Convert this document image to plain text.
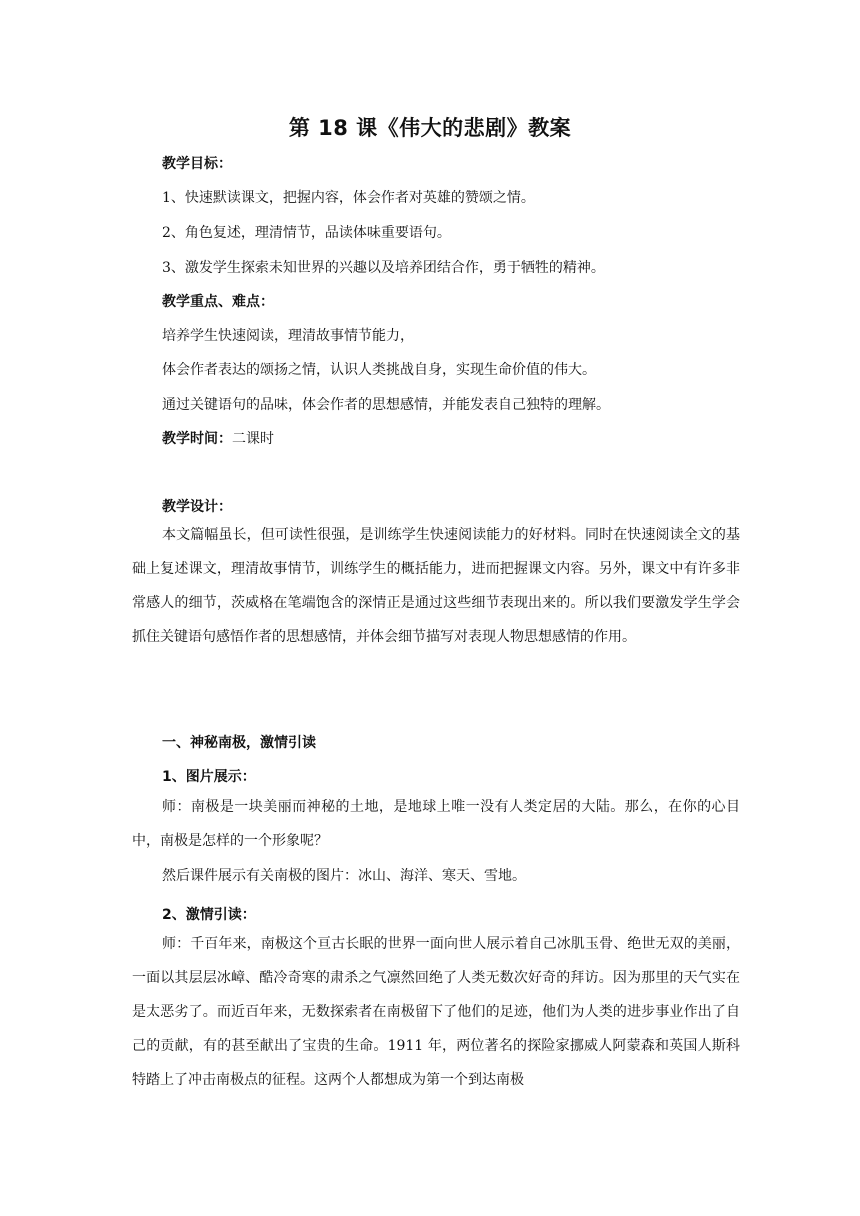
第 18 课《伟大的悲剧》教案
教学目标：
1、快速默读课文，把握内容，体会作者对英雄的赞颂之情。
2、角色复述，理清情节，品读体味重要语句。
3、激发学生探索未知世界的兴趣以及培养团结合作，勇于牺牲的精神。
教学重点、难点：
培养学生快速阅读，理清故事情节能力，
体会作者表达的颂扬之情，认识人类挑战自身，实现生命价值的伟大。
通过关键语句的品味，体会作者的思想感情，并能发表自己独特的理解。
教学时间：二课时
教学设计：

本文篇幅虽长，但可读性很强，是训练学生快速阅读能力的好材料。同时在快速阅读全文的基础上复述课文，理清故事情节，训练学生的概括能力，进而把握课文内容。另外，课文中有许多非常感人的细节，茨威格在笔端饱含的深情正是通过这些细节表现出来的。所以我们要激发学生学会抓住关键语句感悟作者的思想感情，并体会细节描写对表现人物思想感情的作用。

一、神秘南极，激情引读
1、图片展示：

师：南极是一块美丽而神秘的土地，是地球上唯一没有人类定居的大陆。那么，在你的心目中，南极是怎样的一个形象呢？

然后课件展示有关南极的图片：冰山、海洋、寒天、雪地。

2、激情引读：

师：千百年来，南极这个亘古长眠的世界一面向世人展示着自己冰肌玉骨、绝世无双的美丽，一面以其层层冰嶂、酷冷奇寒的肃杀之气凛然回绝了人类无数次好奇的拜访。因为那里的天气实在是太恶劣了。而近百年来，无数探索者在南极留下了他们的足迹，他们为人类的进步事业作出了自己的贡献，有的甚至献出了宝贵的生命。1911 年，两位著名的探险家挪威人阿蒙森和英国人斯科特踏上了冲击南极点的征程。这两个人都想成为第一个到达南极
